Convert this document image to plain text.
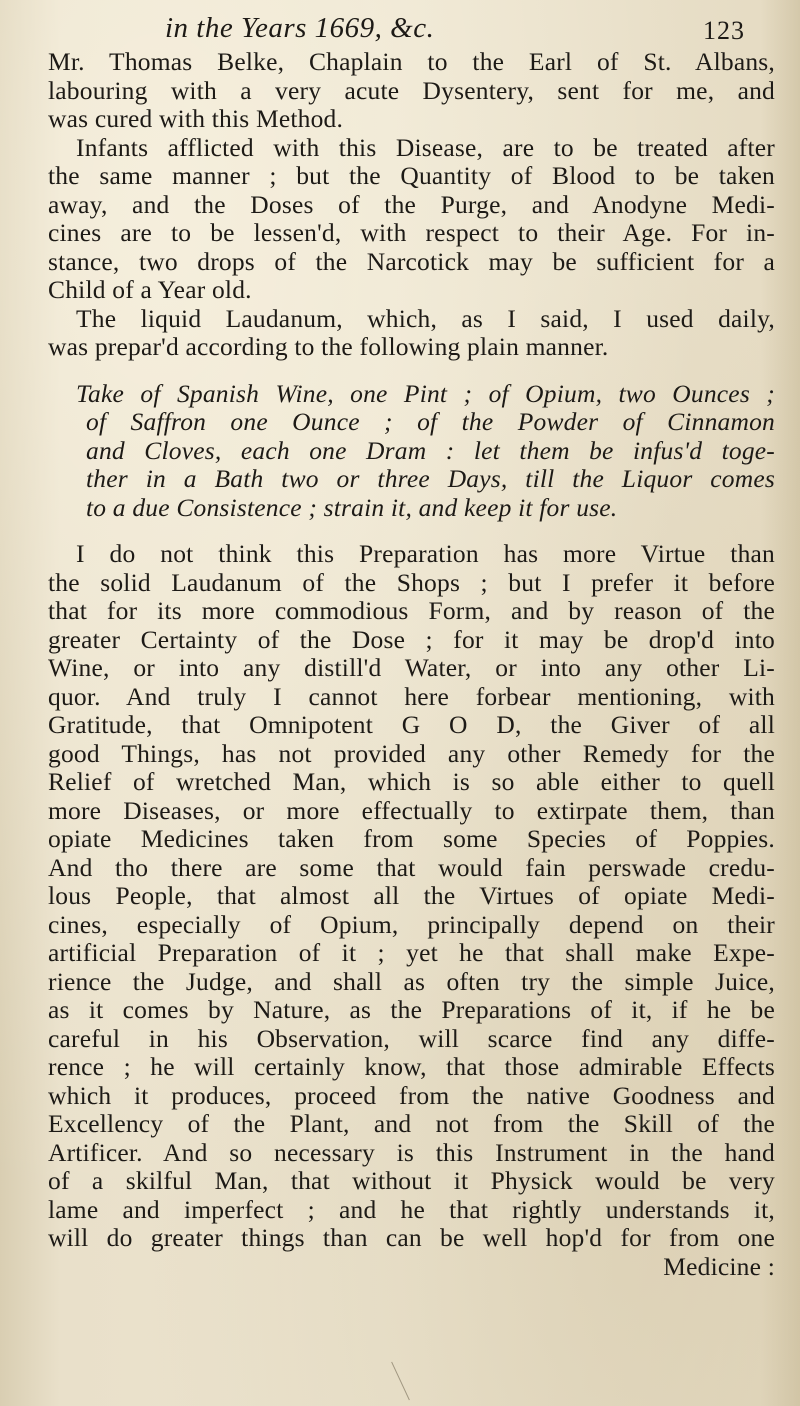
in the Years 1669, &c.	123
Mr. Thomas Belke, Chaplain to the Earl of St. Albans,
labouring with a very acute Dysentery, sent for me, and
was cured with this Method.
Infants afflicted with this Disease, are to be treated after
the same manner ; but the Quantity of Blood to be taken
away, and the Doses of the Purge, and Anodyne Medi-
cines are to be lessen'd, with respect to their Age. For in-
stance, two drops of the Narcotick may be sufficient for a
Child of a Year old.
The liquid Laudanum, which, as I said, I used daily,
was prepar'd according to the following plain manner.
Take of Spanish Wine, one Pint ; of Opium, two Ounces ;
of Saffron one Ounce ; of the Powder of Cinnamon
and Cloves, each one Dram : let them be infus'd toge-
ther in a Bath two or three Days, till the Liquor comes
to a due Consistence ; strain it, and keep it for use.
I do not think this Preparation has more Virtue than
the solid Laudanum of the Shops ; but I prefer it before
that for its more commodious Form, and by reason of the
greater Certainty of the Dose ; for it may be drop'd into
Wine, or into any distill'd Water, or into any other Li-
quor. And truly I cannot here forbear mentioning, with
Gratitude, that Omnipotent G O D, the Giver of all
good Things, has not provided any other Remedy for the
Relief of wretched Man, which is so able either to quell
more Diseases, or more effectually to extirpate them, than
opiate Medicines taken from some Species of Poppies.
And tho there are some that would fain perswade credu-
lous People, that almost all the Virtues of opiate Medi-
cines, especially of Opium, principally depend on their
artificial Preparation of it ; yet he that shall make Expe-
rience the Judge, and shall as often try the simple Juice,
as it comes by Nature, as the Preparations of it, if he be
careful in his Observation, will scarce find any diffe-
rence ; he will certainly know, that those admirable Effects
which it produces, proceed from the native Goodness and
Excellency of the Plant, and not from the Skill of the
Artificer. And so necessary is this Instrument in the hand
of a skilful Man, that without it Physick would be very
lame and imperfect ; and he that rightly understands it,
will do greater things than can be well hop'd for from one
Medicine :
